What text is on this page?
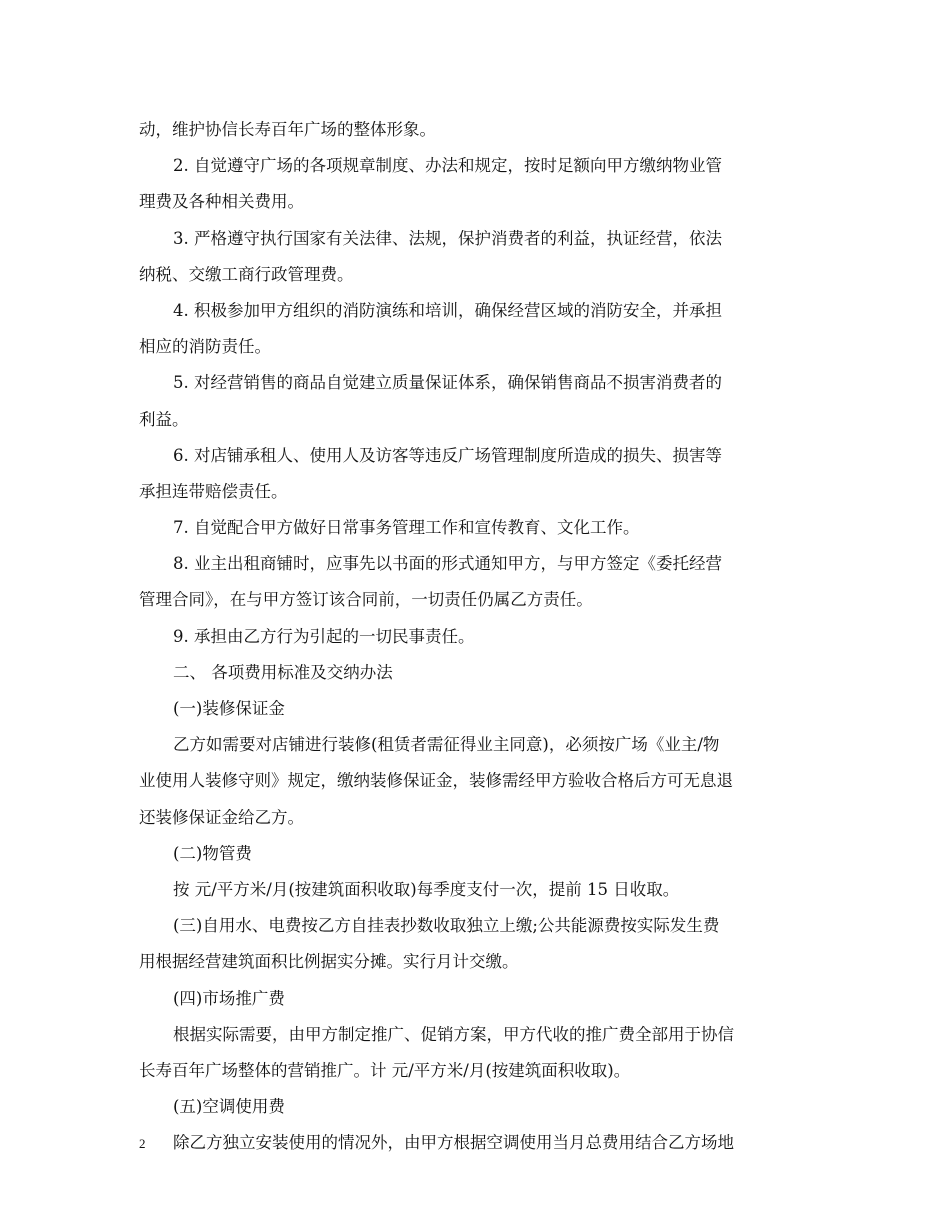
动，维护协信长寿百年广场的整体形象。
2. 自觉遵守广场的各项规章制度、办法和规定，按时足额向甲方缴纳物业管
理费及各种相关费用。
3. 严格遵守执行国家有关法律、法规，保护消费者的利益，执证经营，依法
纳税、交缴工商行政管理费。
4. 积极参加甲方组织的消防演练和培训，确保经营区域的消防安全，并承担
相应的消防责任。
5. 对经营销售的商品自觉建立质量保证体系，确保销售商品不损害消费者的
利益。
6. 对店铺承租人、使用人及访客等违反广场管理制度所造成的损失、损害等
承担连带赔偿责任。
7. 自觉配合甲方做好日常事务管理工作和宣传教育、文化工作。
8. 业主出租商铺时，应事先以书面的形式通知甲方，与甲方签定《委托经营
管理合同》，在与甲方签订该合同前，一切责任仍属乙方责任。
9. 承担由乙方行为引起的一切民事责任。
二、 各项费用标准及交纳办法
(一)装修保证金
乙方如需要对店铺进行装修(租赁者需征得业主同意)，必须按广场《业主/物
业使用人装修守则》规定，缴纳装修保证金，装修需经甲方验收合格后方可无息退
还装修保证金给乙方。
(二)物管费
按 元/平方米/月(按建筑面积收取)每季度支付一次，提前 15 日收取。
(三)自用水、电费按乙方自挂表抄数收取独立上缴;公共能源费按实际发生费
用根据经营建筑面积比例据实分摊。实行月计交缴。
(四)市场推广费
根据实际需要，由甲方制定推广、促销方案，甲方代收的推广费全部用于协信
长寿百年广场整体的营销推广。计 元/平方米/月(按建筑面积收取)。
(五)空调使用费
除乙方独立安装使用的情况外，由甲方根据空调使用当月总费用结合乙方场地
2
